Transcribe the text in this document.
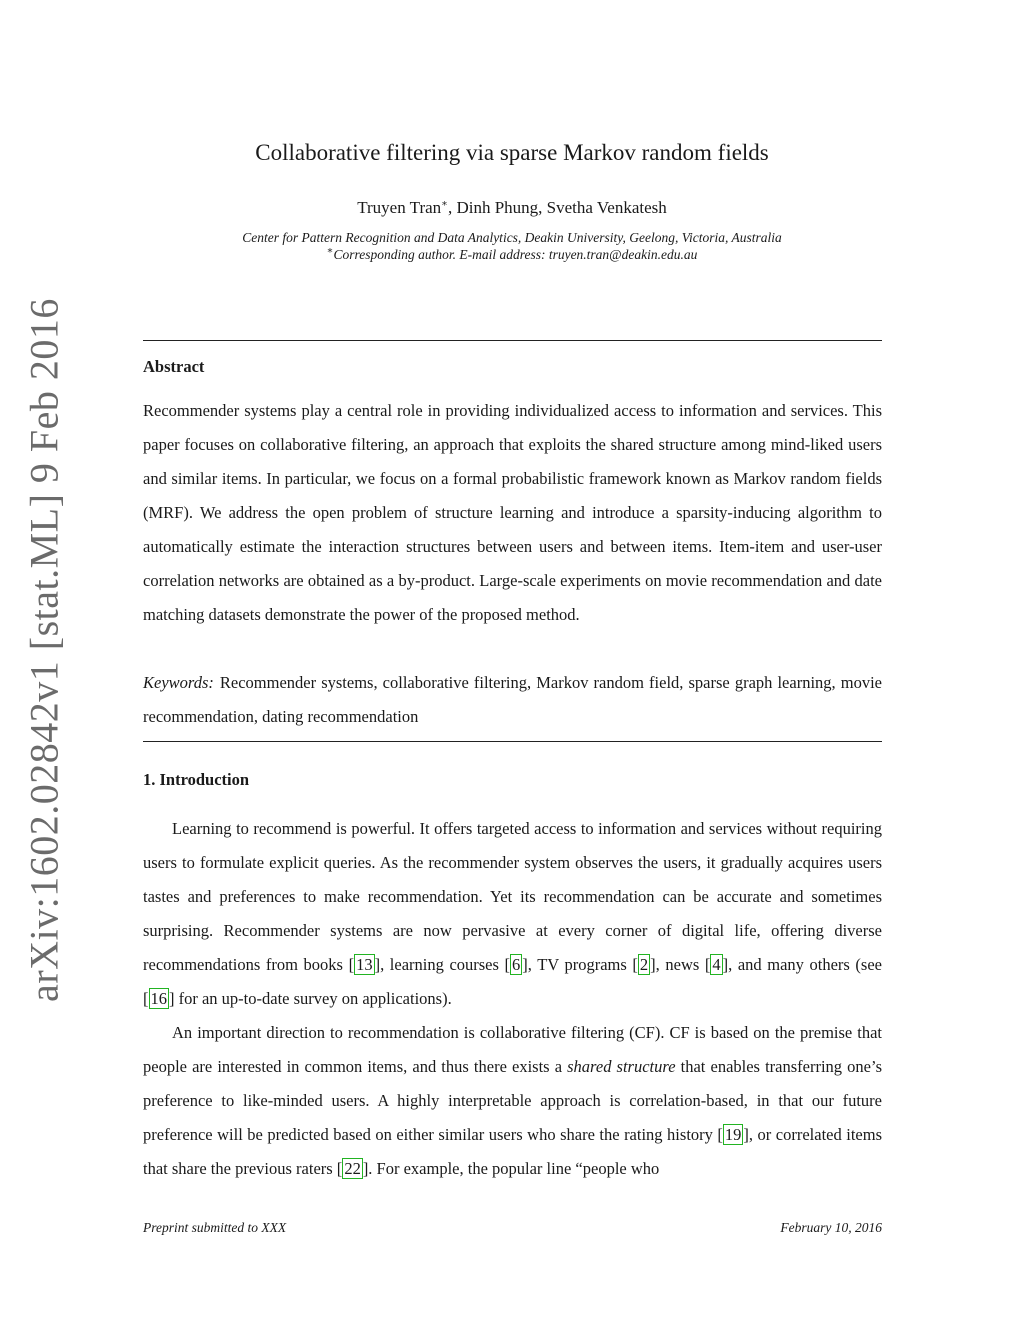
arXiv:1602.02842v1 [stat.ML] 9 Feb 2016
Collaborative filtering via sparse Markov random fields
Truyen Tran∗, Dinh Phung, Svetha Venkatesh
Center for Pattern Recognition and Data Analytics, Deakin University, Geelong, Victoria, Australia
∗Corresponding author. E-mail address: truyen.tran@deakin.edu.au
Abstract
Recommender systems play a central role in providing individualized access to information and services. This paper focuses on collaborative filtering, an approach that exploits the shared structure among mind-liked users and similar items. In particular, we focus on a formal probabilistic framework known as Markov random fields (MRF). We address the open problem of structure learning and introduce a sparsity-inducing algorithm to automatically estimate the interaction structures between users and between items. Item-item and user-user correlation networks are obtained as a by-product. Large-scale experiments on movie recommendation and date matching datasets demonstrate the power of the proposed method.
Keywords: Recommender systems, collaborative filtering, Markov random field, sparse graph learning, movie recommendation, dating recommendation
1. Introduction
Learning to recommend is powerful. It offers targeted access to information and services without requiring users to formulate explicit queries. As the recommender system observes the users, it gradually acquires users tastes and preferences to make recommendation. Yet its recommendation can be accurate and sometimes surprising. Recommender systems are now pervasive at every corner of digital life, offering diverse recommendations from books [ 13 ], learning courses [ 6 ], TV programs [ 2 ], news [ 4 ], and many others (see [ 16 ] for an up-to-date survey on applications).
An important direction to recommendation is collaborative filtering (CF). CF is based on the premise that people are interested in common items, and thus there exists a shared structure that enables transferring one’s preference to like-minded users. A highly interpretable approach is correlation-based, in that our future preference will be predicted based on either similar users who share the rating history [ 19 ], or correlated items that share the previous raters [ 22 ]. For example, the popular line “people who
Preprint submitted to XXX	February 10, 2016
